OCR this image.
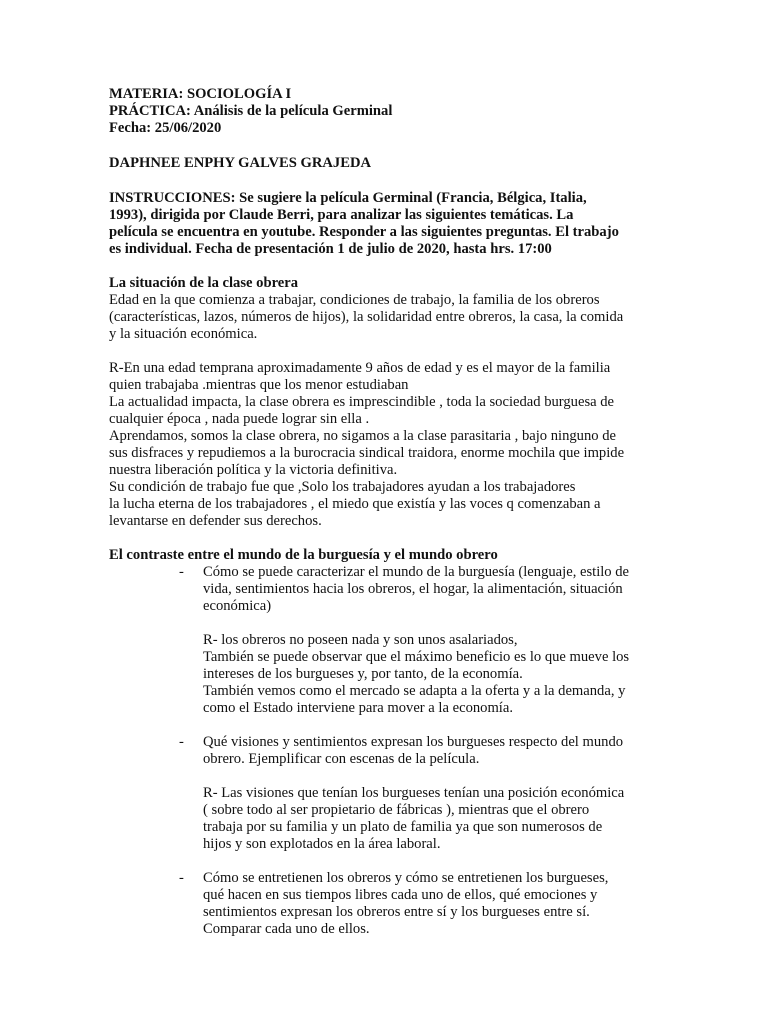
MATERIA: SOCIOLOGÍA I

PRÁCTICA: Análisis de la película Germinal

Fecha: 25/06/2020

DAPHNEE ENPHY GALVES GRAJEDA

INSTRUCCIONES: Se sugiere la película Germinal (Francia, Bélgica, Italia,

1993), dirigida por Claude Berri, para analizar las siguientes temáticas. La

película se encuentra en youtube. Responder a las siguientes preguntas. El trabajo

es individual. Fecha de presentación 1 de julio de 2020, hasta hrs. 17:00

La situación de la clase obrera

Edad en la que comienza a trabajar, condiciones de trabajo, la familia de los obreros

(características, lazos, números de hijos), la solidaridad entre obreros, la casa, la comida

y la situación económica.

R-En una edad temprana aproximadamente 9 años de edad y es el mayor de la familia

quien trabajaba .mientras que los menor estudiaban

La actualidad impacta, la clase obrera es imprescindible , toda la sociedad burguesa de

cualquier época , nada puede lograr sin ella .

Aprendamos, somos la clase obrera, no sigamos a la clase parasitaria , bajo ninguno de

sus disfraces y repudiemos a la burocracia sindical traidora, enorme mochila que impide

nuestra liberación política y la victoria definitiva.

Su condición de trabajo fue que ,Solo los trabajadores ayudan a los trabajadores

la lucha eterna de los trabajadores , el miedo que existía y las voces q comenzaban a

levantarse en defender sus derechos.

El contraste entre el mundo de la burguesía y el mundo obrero

- Cómo se puede caracterizar el mundo de la burguesía (lenguaje, estilo de

vida, sentimientos hacia los obreros, el hogar, la alimentación, situación

económica)

R- los obreros no poseen nada y son unos asalariados,

También se puede observar que el máximo beneficio es lo que mueve los

intereses de los burgueses y, por tanto, de la economía.

También vemos como el mercado se adapta a la oferta y a la demanda, y

como el Estado interviene para mover a la economía.

- Qué visiones y sentimientos expresan los burgueses respecto del mundo

obrero. Ejemplificar con escenas de la película.

R- Las visiones que tenían los burgueses tenían una posición económica

( sobre todo al ser propietario de fábricas ), mientras que el obrero

trabaja por su familia y un plato de familia ya que son numerosos de

hijos y son explotados en la área laboral.

- Cómo se entretienen los obreros y cómo se entretienen los burgueses,

qué hacen en sus tiempos libres cada uno de ellos, qué emociones y

sentimientos expresan los obreros entre sí y los burgueses entre sí.

Comparar cada uno de ellos.
